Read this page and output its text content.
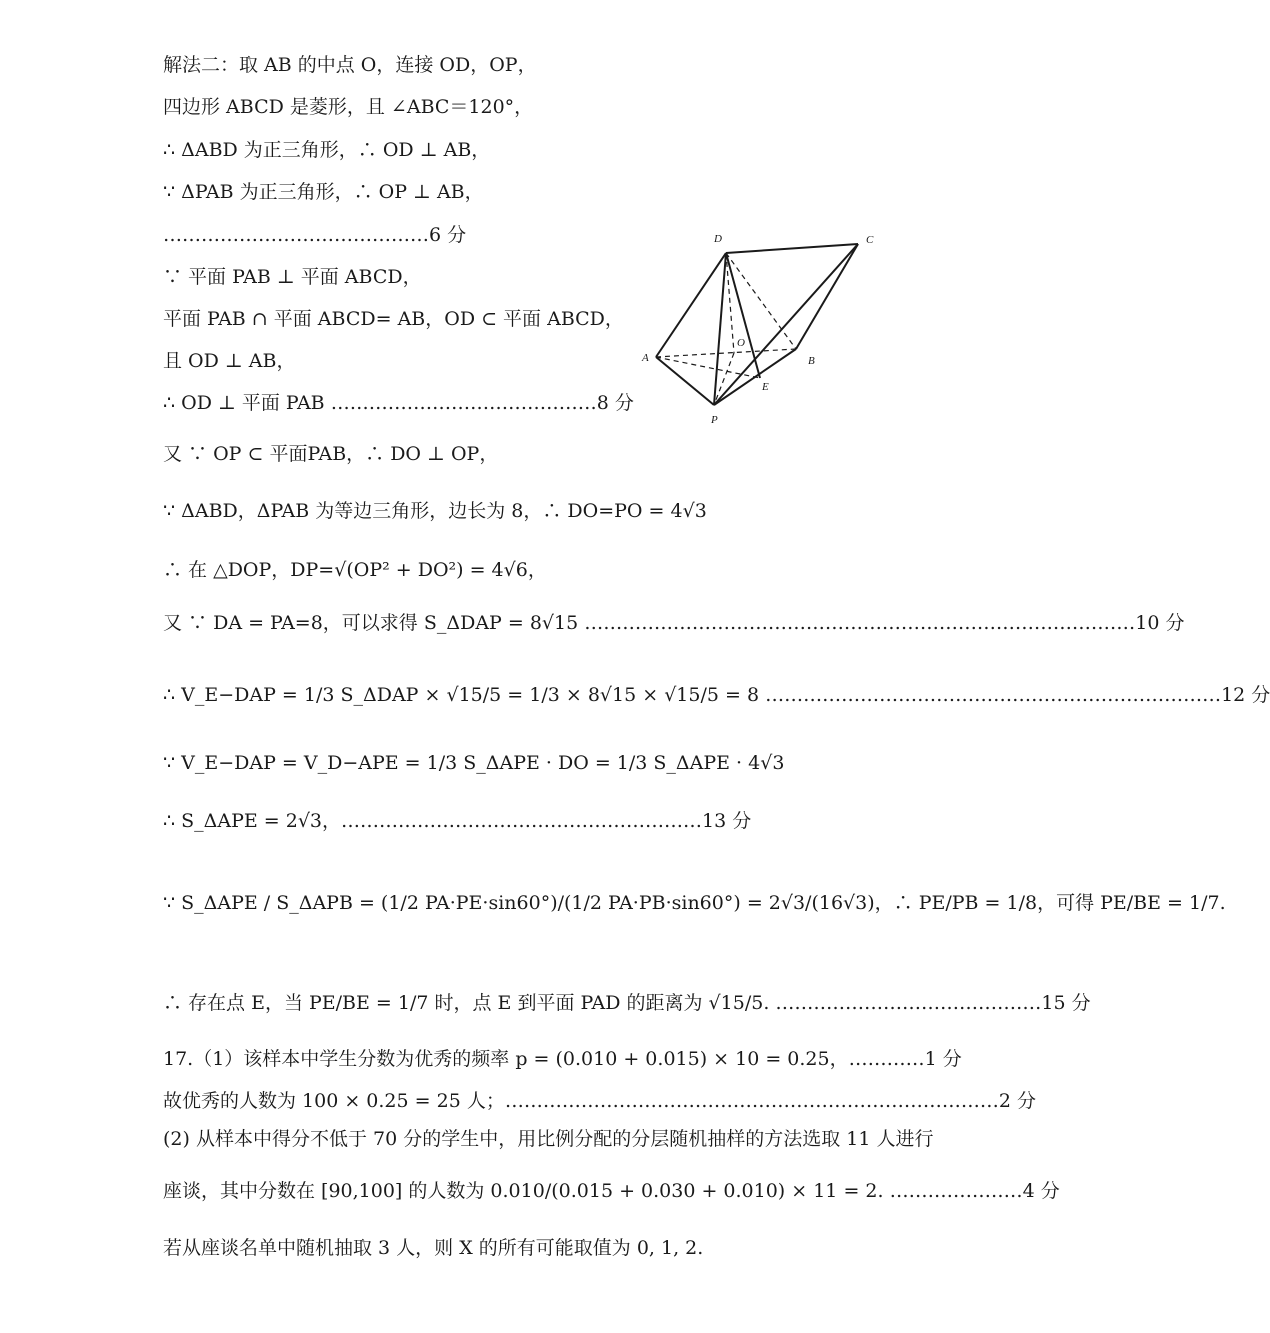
解法二：取 AB 的中点 O，连接 OD，OP，
四边形 ABCD 是菱形，且 ∠ABC＝120°，
∴ ΔABD 为正三角形，∴ OD ⊥ AB，
∵ ΔPAB 为正三角形，∴ OP ⊥ AB，
……………………………………6 分
∵ 平面 PAB ⊥ 平面 ABCD，
平面 PAB ∩ 平面 ABCD= AB，OD ⊂ 平面 ABCD，
且 OD ⊥ AB，
∴ OD ⊥ 平面 PAB ……………………………………8 分
又 ∵ OP ⊂ 平面PAB，∴ DO ⊥ OP，
∵ ΔABD，ΔPAB 为等边三角形，边长为 8，∴ DO=PO = 4√3
∴ 在 △DOP，DP=√(OP² + DO²) = 4√6，
又 ∵ DA = PA=8，可以求得 S_ΔDAP = 8√15 ……………………………………………………………………………10 分
∴ V_E−DAP = 1/3 S_ΔDAP × √15/5 = 1/3 × 8√15 × √15/5 = 8 ………………………………………………………………12 分
∵ V_E−DAP = V_D−APE = 1/3 S_ΔAPE · DO = 1/3 S_ΔAPE · 4√3
∴ S_ΔAPE = 2√3，…………………………………………………13 分
∵ S_ΔAPE / S_ΔAPB = (1/2 PA·PE·sin60°)/(1/2 PA·PB·sin60°) = 2√3/(16√3)，∴ PE/PB = 1/8，可得 PE/BE = 1/7.
∴ 存在点 E，当 PE/BE = 1/7 时，点 E 到平面 PAD 的距离为 √15/5. ……………………………………15 分
17.（1）该样本中学生分数为优秀的频率 p = (0.010 + 0.015) × 10 = 0.25，…………1 分
故优秀的人数为 100 × 0.25 = 25 人；……………………………………………………………………2 分
(2) 从样本中得分不低于 70 分的学生中，用比例分配的分层随机抽样的方法选取 11 人进行
座谈，其中分数在 [90,100] 的人数为 0.010/(0.015 + 0.030 + 0.010) × 11 = 2. …………………4 分
若从座谈名单中随机抽取 3 人，则 X 的所有可能取值为 0, 1, 2.
D	C
A
O
B
E
P
